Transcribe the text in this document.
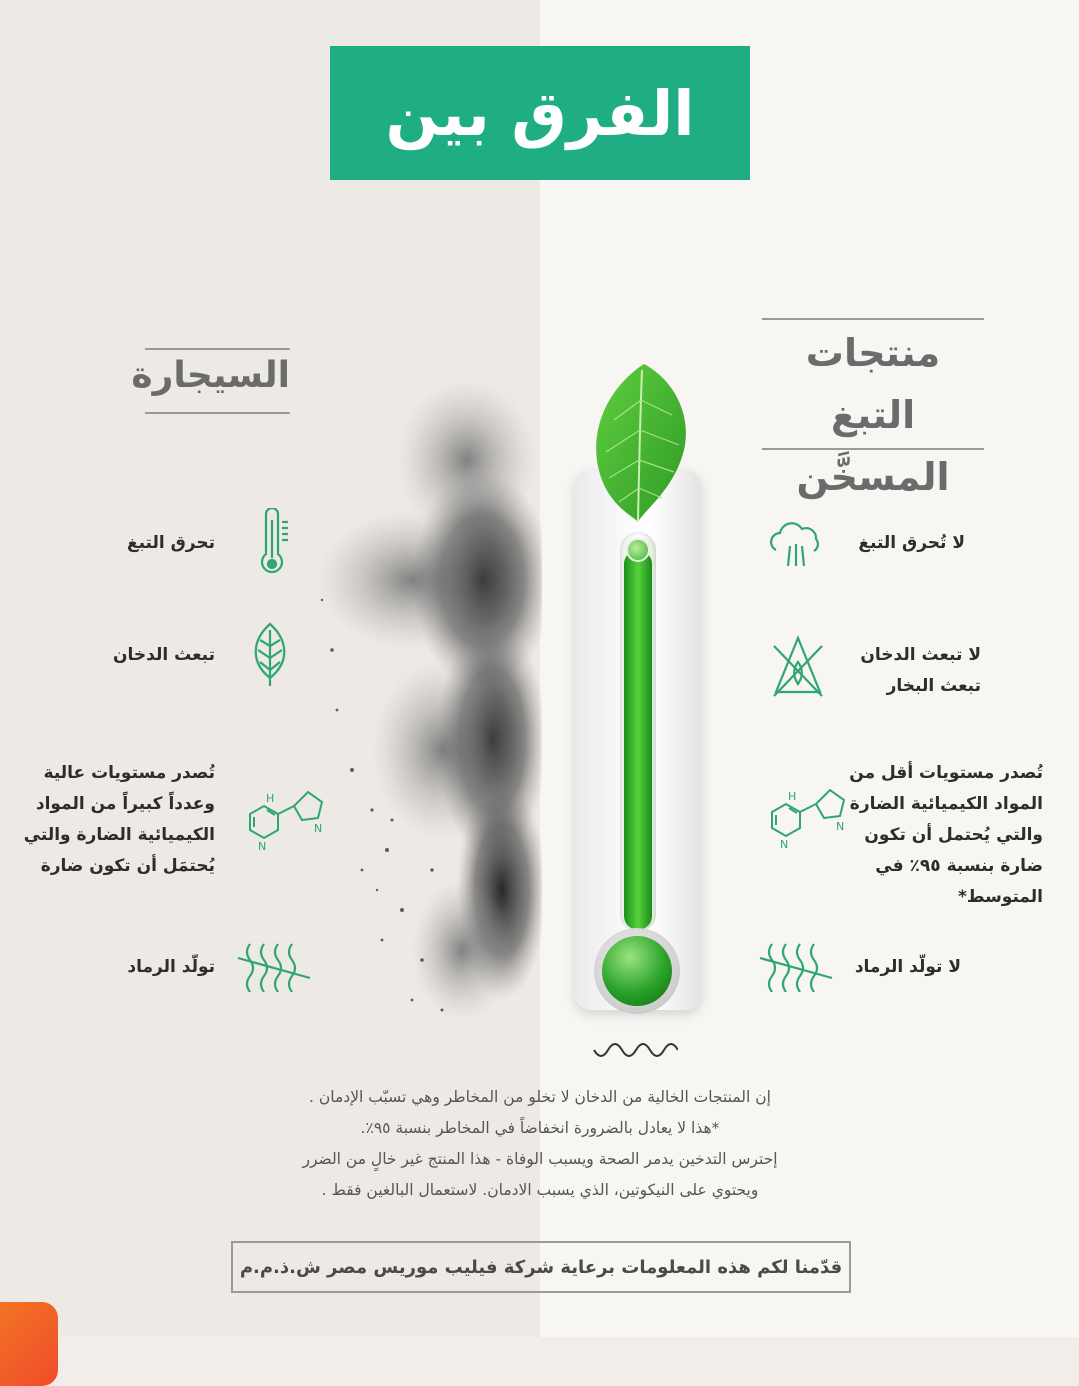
الفرق بين
السيجارة
منتجات التبغ
المسخَّن
تحرق التبغ
تبعث الدخان
N
H
N
تُصدر مستويات عالية
وعدداً كبيراً من المواد
الكيميائية الضارة والتي
يُحتمَل أن تكون ضارة
تولّد الرماد
لا تُحرق التبغ
لا تبعث الدخان
تبعث البخار
N
H
N
تُصدر مستويات أقل من
المواد الكيميائية الضارة
والتي يُحتمل أن تكون
ضارة بنسبة ٩٥٪ في
المتوسط*
لا تولّد الرماد
إن المنتجات الخالية من الدخان لا تخلو من المخاطر وهي تسبّب الإدمان .
*هذا لا يعادل بالضرورة انخفاضاً في المخاطر بنسبة ٩٥٪.
إحترس التدخين يدمر الصحة ويسبب الوفاة - هذا المنتج غير خالٍ من الضرر
ويحتوي على النيكوتين، الذي يسبب الادمان. لاستعمال البالغين فقط .
قدّمنا لكم هذه المعلومات برعاية شركة فيليب موريس مصر ش.ذ.م.م
